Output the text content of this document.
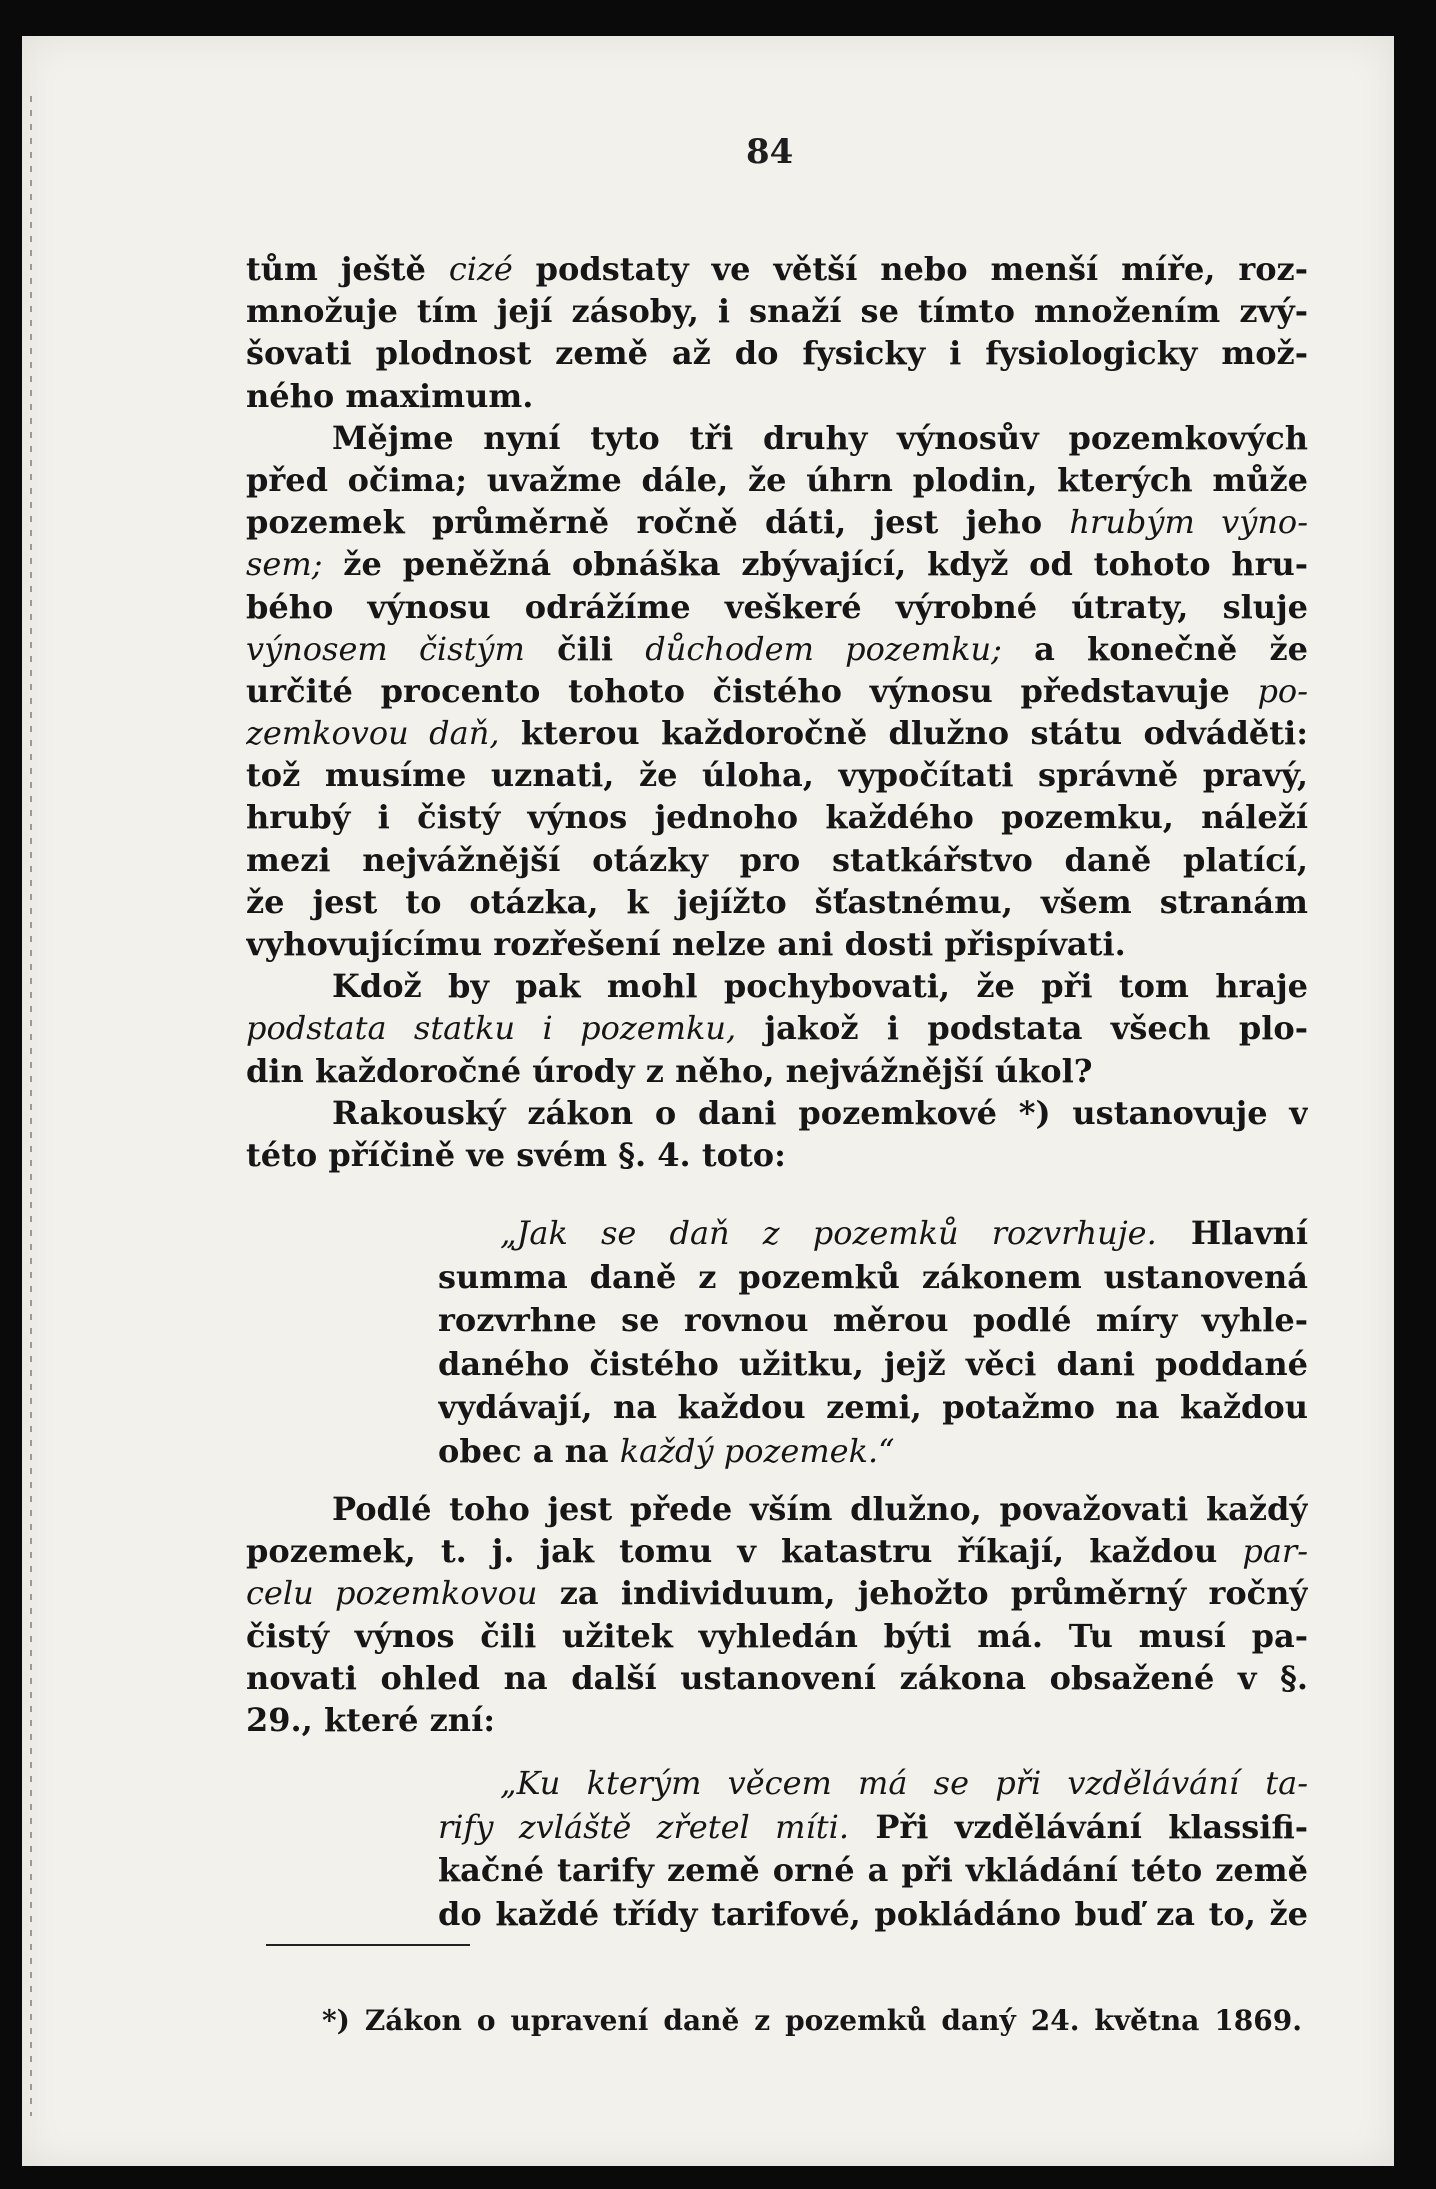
84
tům ještě cizé podstaty ve větší nebo menší míře, roz-
množuje tím její zásoby, i snaží se tímto množením zvý-
šovati plodnost země až do fysicky i fysiologicky mož-
ného maximum.
Mějme nyní tyto tři druhy výnosův pozemkových
před očima; uvažme dále, že úhrn plodin, kterých může
pozemek průměrně ročně dáti, jest jeho hrubým výno-
sem; že peněžná obnáška zbývající, když od tohoto hru-
bého výnosu odrážíme veškeré výrobné útraty, sluje
výnosem čistým čili důchodem pozemku; a konečně že
určité procento tohoto čistého výnosu představuje po-
zemkovou daň, kterou každoročně dlužno státu odváděti:
tož musíme uznati, že úloha, vypočítati správně pravý,
hrubý i čistý výnos jednoho každého pozemku, náleží
mezi nejvážnější otázky pro statkářstvo daně platící,
že jest to otázka, k jejížto šťastnému, všem stranám
vyhovujícímu rozřešení nelze ani dosti přispívati.
Kdož by pak mohl pochybovati, že při tom hraje
podstata statku i pozemku, jakož i podstata všech plo-
din každoročné úrody z něho, nejvážnější úkol?
Rakouský zákon o dani pozemkové *) ustanovuje v
této příčině ve svém §. 4. toto:
„Jak se daň z pozemků rozvrhuje. Hlavní
summa daně z pozemků zákonem ustanovená
rozvrhne se rovnou měrou podlé míry vyhle-
daného čistého užitku, jejž věci dani poddané
vydávají, na každou zemi, potažmo na každou
obec a na každý pozemek.“
Podlé toho jest přede vším dlužno, považovati každý
pozemek, t. j. jak tomu v katastru říkají, každou par-
celu pozemkovou za individuum, jehožto průměrný ročný
čistý výnos čili užitek vyhledán býti má. Tu musí pa-
novati ohled na další ustanovení zákona obsažené v §.
29., které zní:
„Ku kterým věcem má se při vzdělávání ta-
rify zvláště zřetel míti. Při vzdělávání klassifi-
kačné tarify země orné a při vkládání této země
do každé třídy tarifové, pokládáno buď za to, že
*) Zákon o upravení daně z pozemků daný 24. května 1869.
